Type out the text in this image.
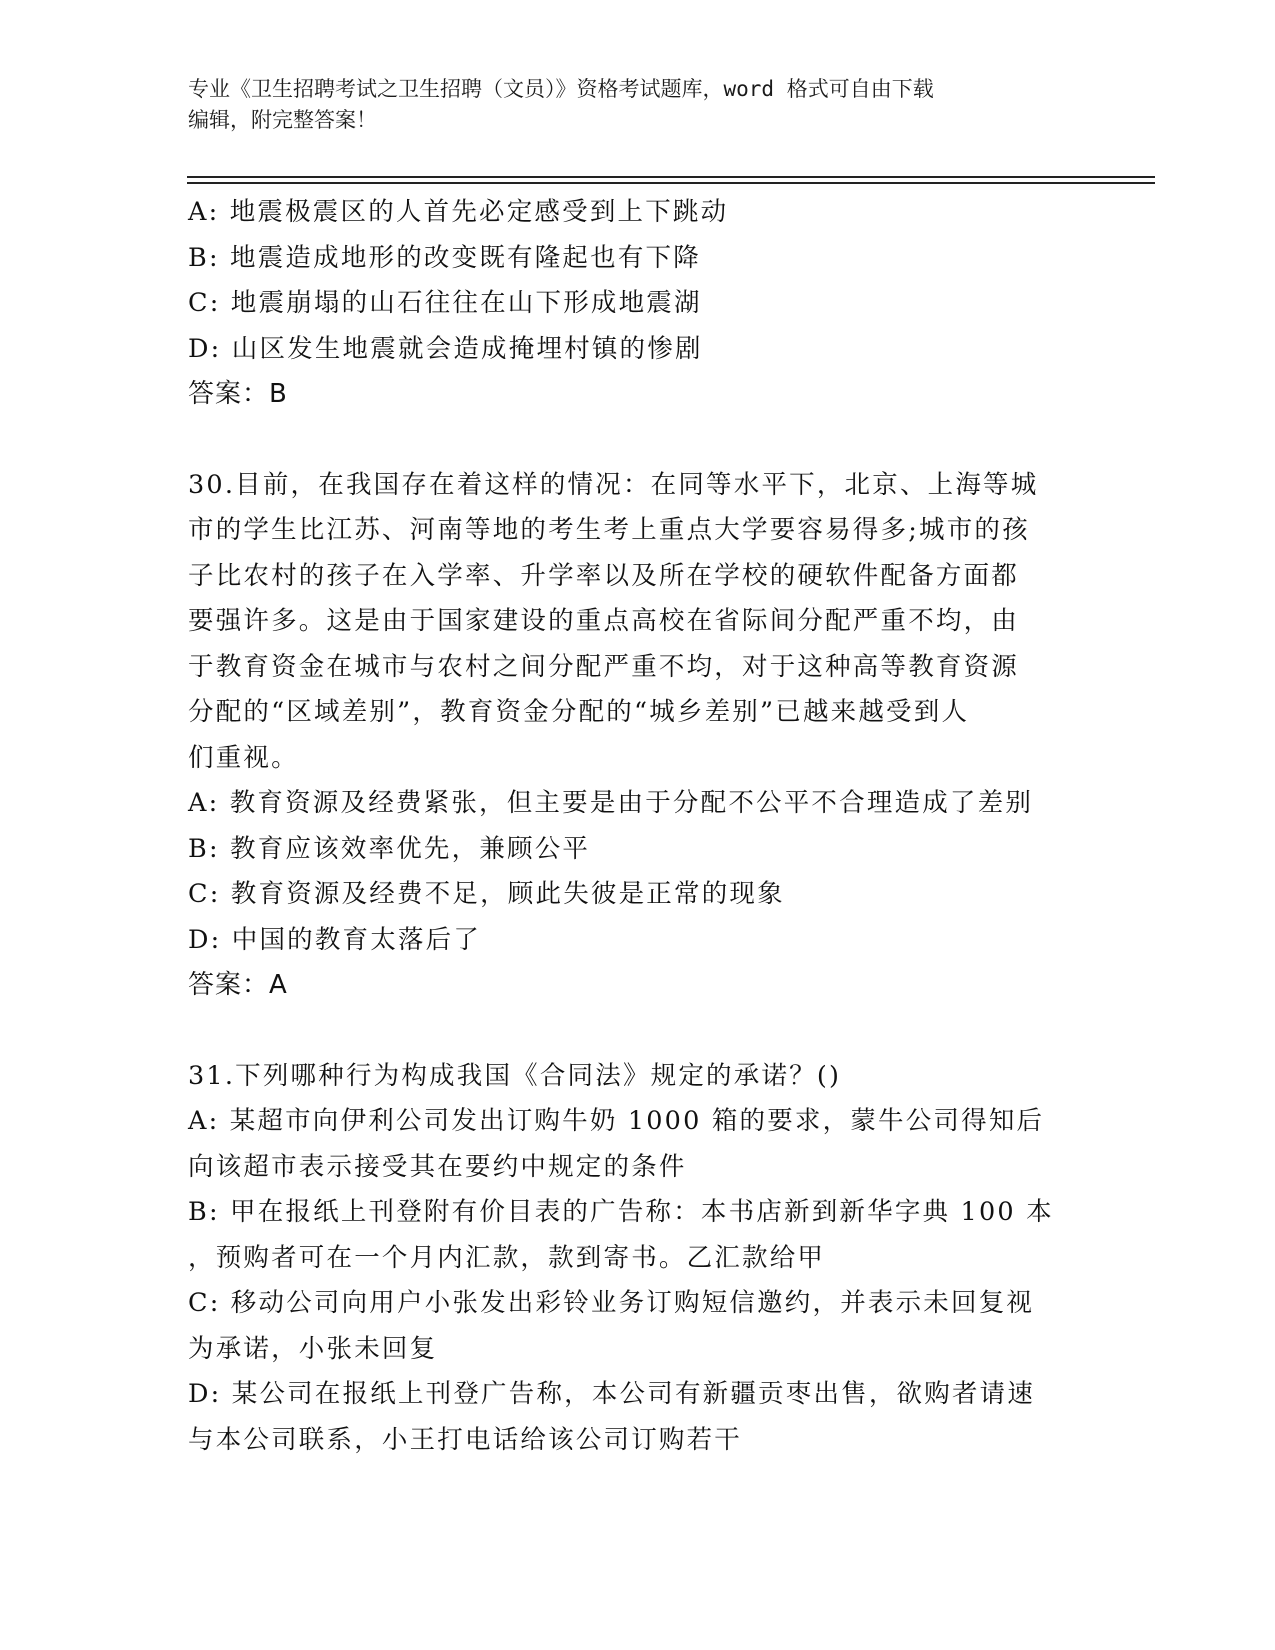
专业《卫生招聘考试之卫生招聘（文员）》资格考试题库，word 格式可自由下载
编辑，附完整答案！
A: 地震极震区的人首先必定感受到上下跳动
B: 地震造成地形的改变既有隆起也有下降
C: 地震崩塌的山石往往在山下形成地震湖
D: 山区发生地震就会造成掩埋村镇的惨剧
答案：B
30.目前，在我国存在着这样的情况：在同等水平下，北京、上海等城
市的学生比江苏、河南等地的考生考上重点大学要容易得多;城市的孩
子比农村的孩子在入学率、升学率以及所在学校的硬软件配备方面都
要强许多。这是由于国家建设的重点高校在省际间分配严重不均，由
于教育资金在城市与农村之间分配严重不均，对于这种高等教育资源
分配的“区域差别”，教育资金分配的“城乡差别”已越来越受到人
们重视。
A: 教育资源及经费紧张，但主要是由于分配不公平不合理造成了差别
B: 教育应该效率优先，兼顾公平
C: 教育资源及经费不足，顾此失彼是正常的现象
D: 中国的教育太落后了
答案：A
31.下列哪种行为构成我国《合同法》规定的承诺？()
A: 某超市向伊利公司发出订购牛奶 1000 箱的要求，蒙牛公司得知后
向该超市表示接受其在要约中规定的条件
B: 甲在报纸上刊登附有价目表的广告称：本书店新到新华字典 100 本
，预购者可在一个月内汇款，款到寄书。乙汇款给甲
C: 移动公司向用户小张发出彩铃业务订购短信邀约，并表示未回复视
为承诺，小张未回复
D: 某公司在报纸上刊登广告称，本公司有新疆贡枣出售，欲购者请速
与本公司联系，小王打电话给该公司订购若干
